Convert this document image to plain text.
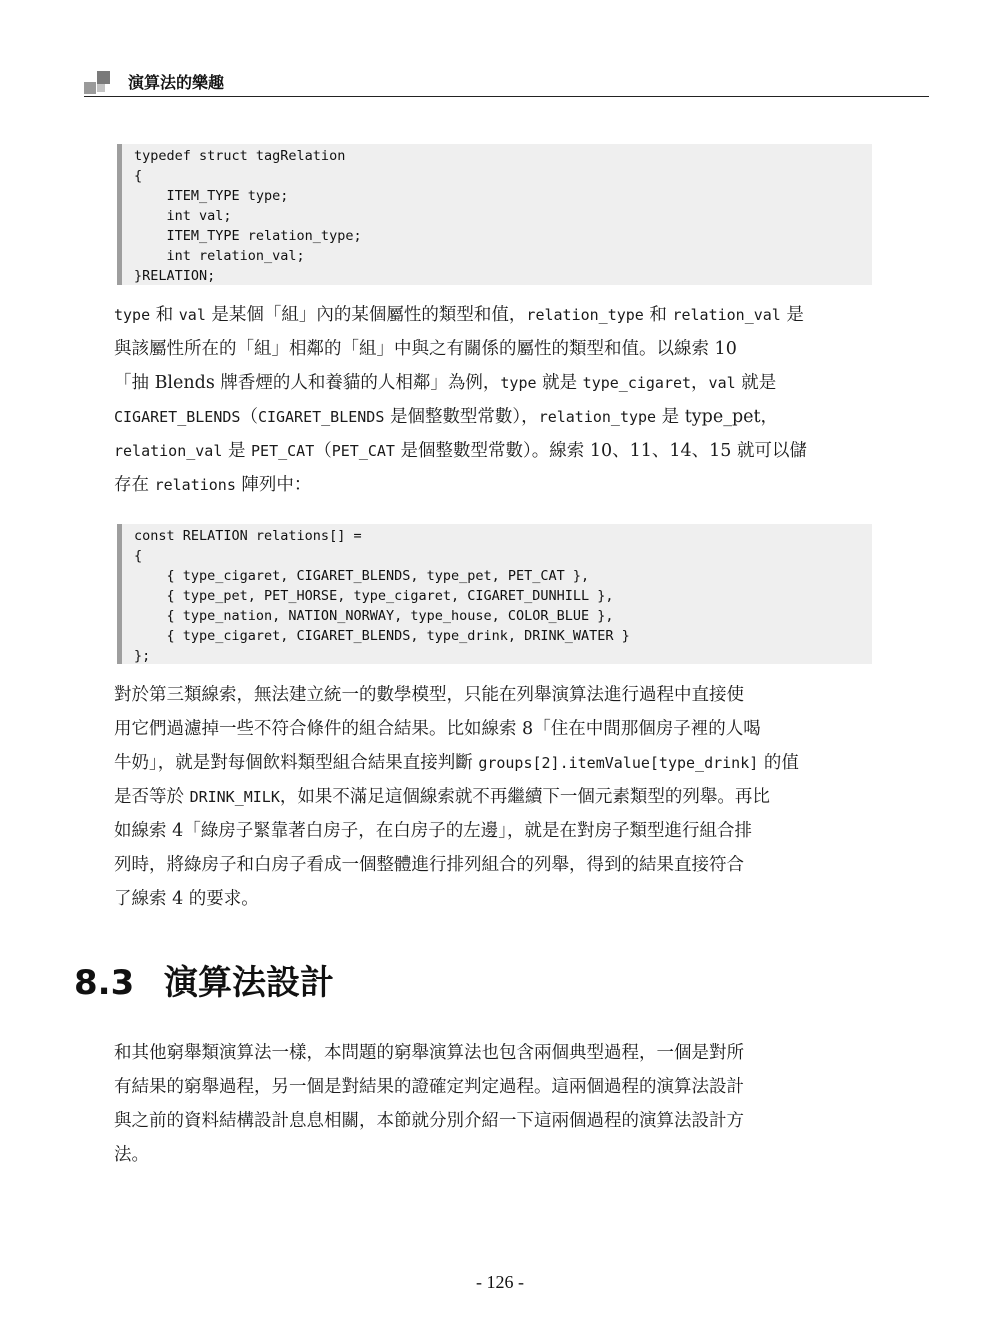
演算法的樂趣
typedef struct tagRelation
{
ITEM_TYPE type;
int val;
ITEM_TYPE relation_type;
int relation_val;
}RELATION;
type 和 val 是某個「組」內的某個屬性的類型和值，relation_type 和 relation_val 是
與該屬性所在的「組」相鄰的「組」中與之有關係的屬性的類型和值。以線索 10
「抽 Blends 牌香煙的人和養貓的人相鄰」為例，type 就是 type_cigaret，val 就是
CIGARET_BLENDS（CIGARET_BLENDS 是個整數型常數），relation_type 是 type_pet，
relation_val 是 PET_CAT（PET_CAT 是個整數型常數）。線索 10、11、14、15 就可以儲
存在 relations 陣列中：
const RELATION relations[] =
{
{ type_cigaret, CIGARET_BLENDS, type_pet, PET_CAT },
{ type_pet, PET_HORSE, type_cigaret, CIGARET_DUNHILL },
{ type_nation, NATION_NORWAY, type_house, COLOR_BLUE },
{ type_cigaret, CIGARET_BLENDS, type_drink, DRINK_WATER }
};
對於第三類線索，無法建立統一的數學模型，只能在列舉演算法進行過程中直接使
用它們過濾掉一些不符合條件的組合結果。比如線索 8「住在中間那個房子裡的人喝
牛奶」，就是對每個飲料類型組合結果直接判斷 groups[2].itemValue[type_drink] 的值
是否等於 DRINK_MILK，如果不滿足這個線索就不再繼續下一個元素類型的列舉。再比
如線索 4「綠房子緊靠著白房子，在白房子的左邊」，就是在對房子類型進行組合排
列時，將綠房子和白房子看成一個整體進行排列組合的列舉，得到的結果直接符合
了線索 4 的要求。
8.3 演算法設計
和其他窮舉類演算法一樣，本問題的窮舉演算法也包含兩個典型過程，一個是對所
有結果的窮舉過程，另一個是對結果的證確定判定過程。這兩個過程的演算法設計
與之前的資料結構設計息息相關，本節就分別介紹一下這兩個過程的演算法設計方
法。
- 126 -
